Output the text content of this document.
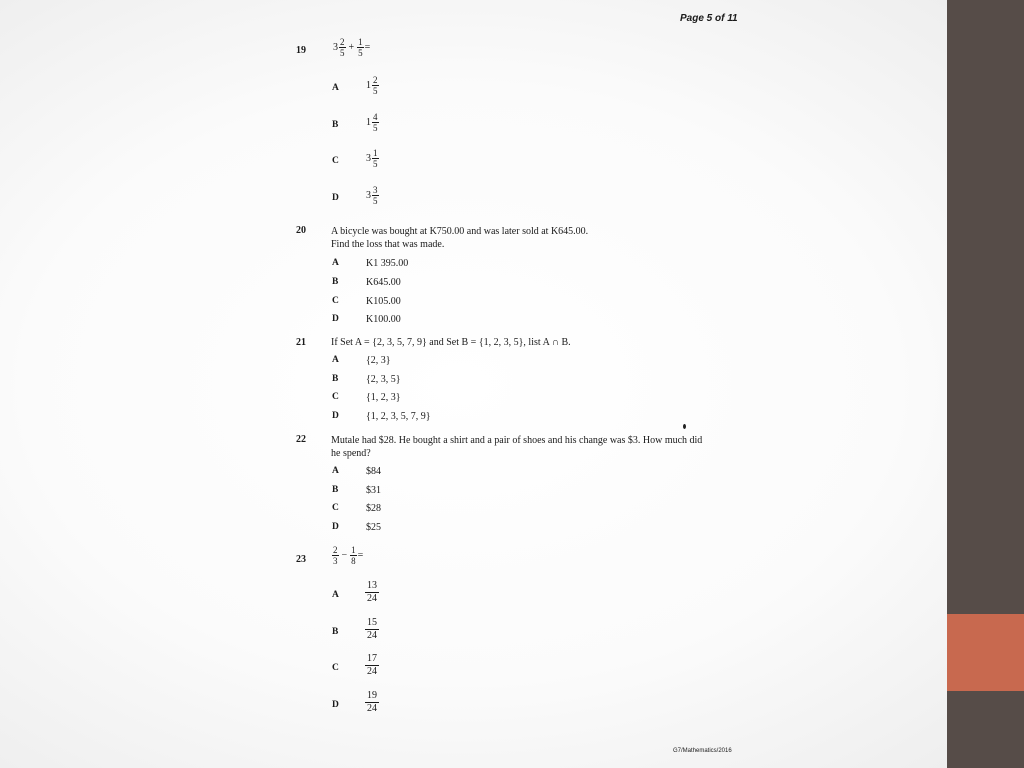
Page 5 of 11
19	$3 \frac{2}{5} + \frac{1}{5}$ =
A	$1 \frac{2}{5}$
B	$1 \frac{4}{5}$
C	$3 \frac{1}{5}$
D	$3 \frac{3}{5}$
20	A bicycle was bought at K750.00 and was later sold at K645.00.
Find the loss that was made.
A	K1 395.00
B	K645.00
C	K105.00
D	K100.00
21	If Set A = {2, 3, 5, 7, 9} and Set B = {1, 2, 3, 5}, list A ∩ B.
A	{2, 3}
B	{2, 3, 5}
C	{1, 2, 3}
D	{1, 2, 3, 5, 7, 9}
22	Mutale had $28. He bought a shirt and a pair of shoes and his change was $3. How much did
he spend?
A	$84
B	$31
C	$28
D	$25
23	$\frac{2}{3} - \frac{1}{8}$ =
A
13
24
B
15
24
C
17
24
D
19
24
G7/Mathematics/2016
